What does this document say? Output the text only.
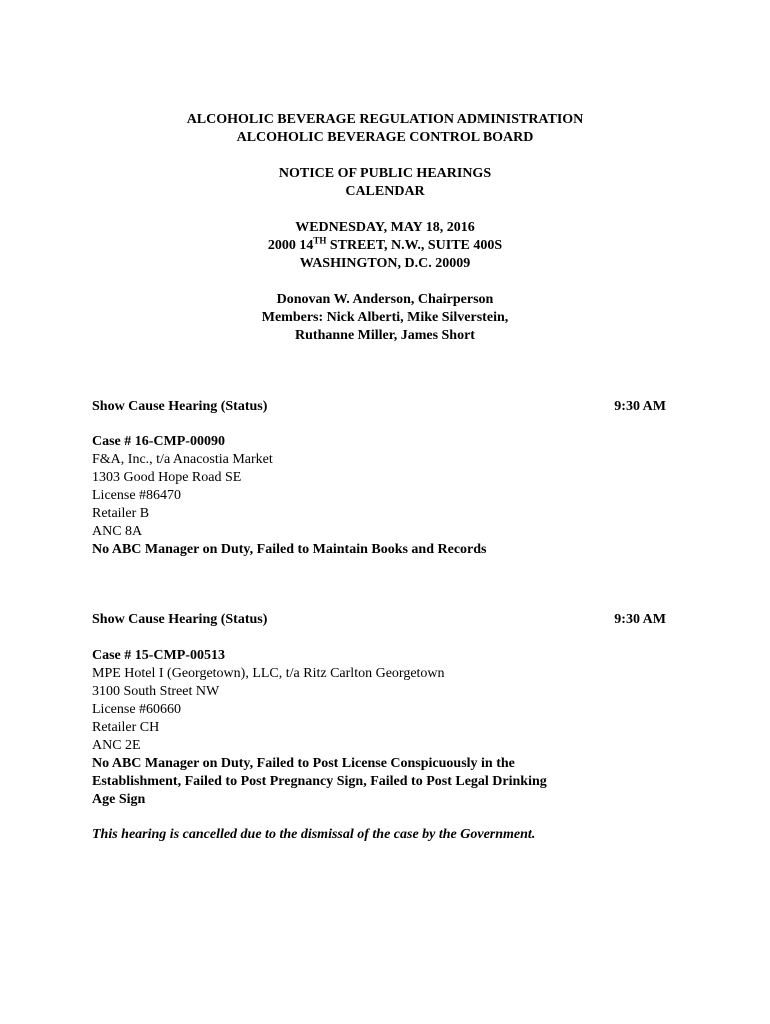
ALCOHOLIC BEVERAGE REGULATION ADMINISTRATION
ALCOHOLIC BEVERAGE CONTROL BOARD
NOTICE OF PUBLIC HEARINGS
CALENDAR
WEDNESDAY, MAY 18, 2016
2000 14TH STREET, N.W., SUITE 400S
WASHINGTON, D.C. 20009
Donovan W. Anderson, Chairperson
Members: Nick Alberti, Mike Silverstein,
Ruthanne Miller, James Short
Show Cause Hearing (Status)	9:30 AM
Case # 16-CMP-00090
F&A, Inc., t/a Anacostia Market
1303 Good Hope Road SE
License #86470
Retailer B
ANC 8A
No ABC Manager on Duty, Failed to Maintain Books and Records
Show Cause Hearing (Status)	9:30 AM
Case # 15-CMP-00513
MPE Hotel I (Georgetown), LLC, t/a Ritz Carlton Georgetown
3100 South Street NW
License #60660
Retailer CH
ANC 2E
No ABC Manager on Duty, Failed to Post License Conspicuously in the Establishment, Failed to Post Pregnancy Sign, Failed to Post Legal Drinking Age Sign
This hearing is cancelled due to the dismissal of the case by the Government.
